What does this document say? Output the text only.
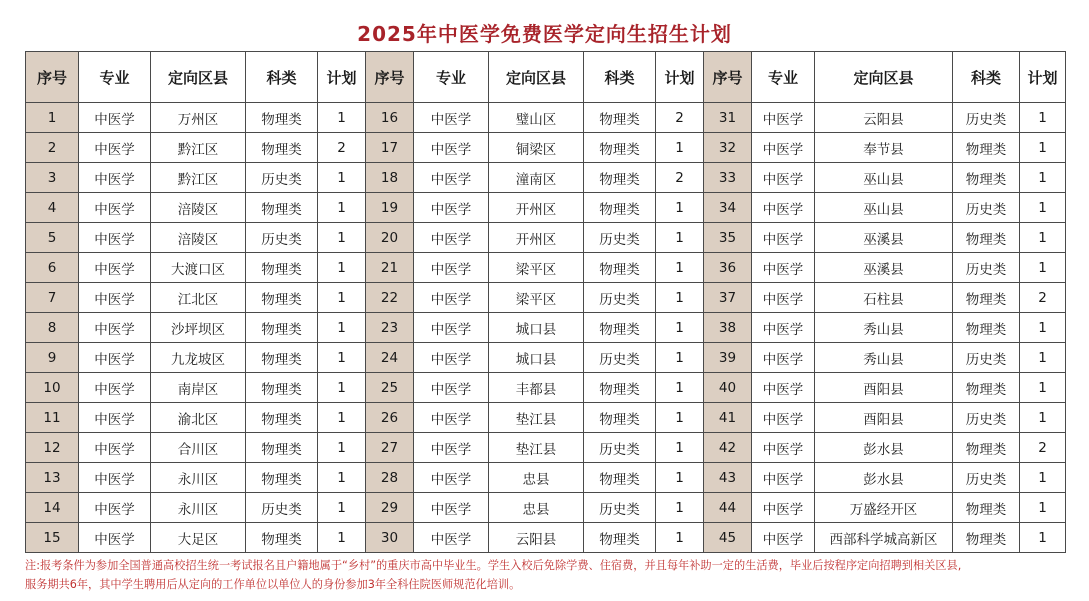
2025年中医学免费医学定向生招生计划
序号	专业	定向区县	科类	计划	序号	专业	定向区县	科类	计划	序号	专业	定向区县	科类	计划
1	中医学	万州区	物理类	1	16	中医学	璧山区	物理类	2	31	中医学	云阳县	历史类	1
2	中医学	黔江区	物理类	2	17	中医学	铜梁区	物理类	1	32	中医学	奉节县	物理类	1
3	中医学	黔江区	历史类	1	18	中医学	潼南区	物理类	2	33	中医学	巫山县	物理类	1
4	中医学	涪陵区	物理类	1	19	中医学	开州区	物理类	1	34	中医学	巫山县	历史类	1
5	中医学	涪陵区	历史类	1	20	中医学	开州区	历史类	1	35	中医学	巫溪县	物理类	1
6	中医学	大渡口区	物理类	1	21	中医学	梁平区	物理类	1	36	中医学	巫溪县	历史类	1
7	中医学	江北区	物理类	1	22	中医学	梁平区	历史类	1	37	中医学	石柱县	物理类	2
8	中医学	沙坪坝区	物理类	1	23	中医学	城口县	物理类	1	38	中医学	秀山县	物理类	1
9	中医学	九龙坡区	物理类	1	24	中医学	城口县	历史类	1	39	中医学	秀山县	历史类	1
10	中医学	南岸区	物理类	1	25	中医学	丰都县	物理类	1	40	中医学	酉阳县	物理类	1
11	中医学	渝北区	物理类	1	26	中医学	垫江县	物理类	1	41	中医学	酉阳县	历史类	1
12	中医学	合川区	物理类	1	27	中医学	垫江县	历史类	1	42	中医学	彭水县	物理类	2
13	中医学	永川区	物理类	1	28	中医学	忠县	物理类	1	43	中医学	彭水县	历史类	1
14	中医学	永川区	历史类	1	29	中医学	忠县	历史类	1	44	中医学	万盛经开区	物理类	1
15	中医学	大足区	物理类	1	30	中医学	云阳县	物理类	1	45	中医学	西部科学城高新区	物理类	1
注:报考条件为参加全国普通高校招生统一考试报名且户籍地属于“乡村”的重庆市高中毕业生。学生入校后免除学费、住宿费，并且每年补助一定的生活费，毕业后按程序定向招聘到相关区县,
服务期共6年，其中学生聘用后从定向的工作单位以单位人的身份参加3年全科住院医师规范化培训。
